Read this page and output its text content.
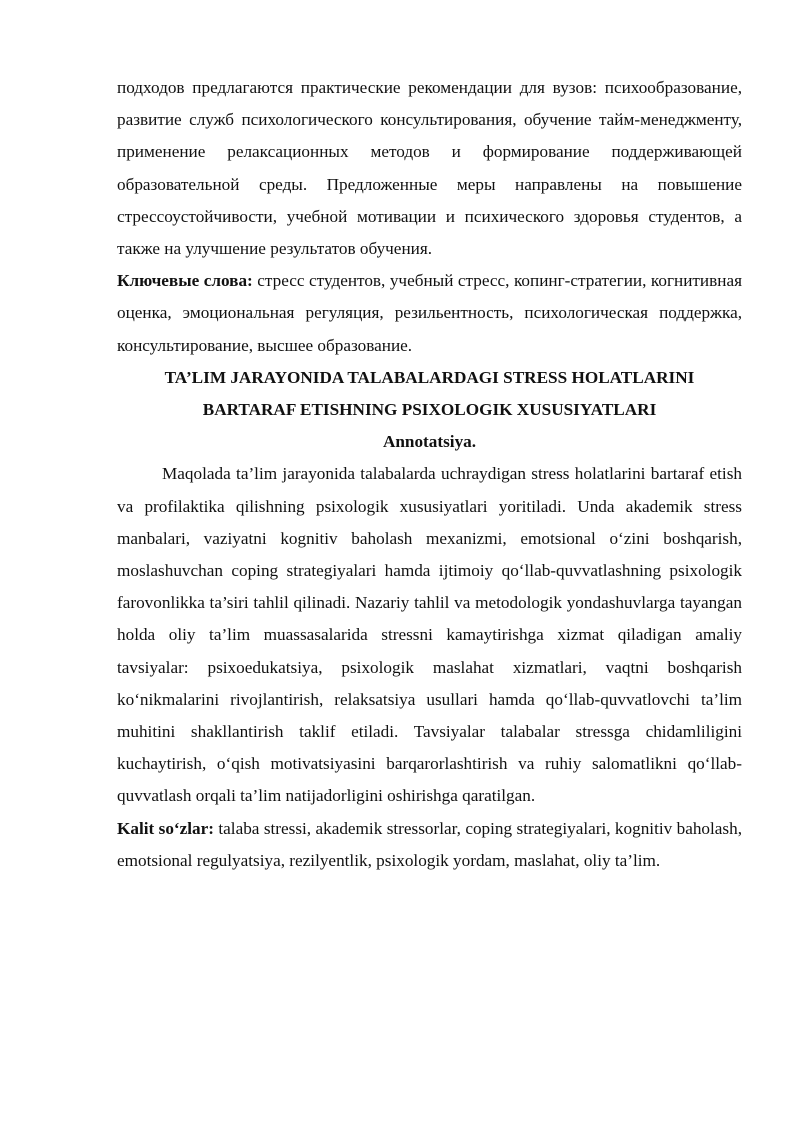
подходов предлагаются практические рекомендации для вузов: психообразование, развитие служб психологического консультирования, обучение тайм-менеджменту, применение релаксационных методов и формирование поддерживающей образовательной среды. Предложенные меры направлены на повышение стрессоустойчивости, учебной мотивации и психического здоровья студентов, а также на улучшение результатов обучения.

Ключевые слова: стресс студентов, учебный стресс, копинг-стратегии, когнитивная оценка, эмоциональная регуляция, резильентность, психологическая поддержка, консультирование, высшее образование.

TA’LIM JARAYONIDA TALABALARDAGI STRESS HOLATLARINI

BARTARAF ETISHNING PSIXOLOGIK XUSUSIYATLARI

Annotatsiya.

Maqolada ta’lim jarayonida talabalarda uchraydigan stress holatlarini bartaraf etish va profilaktika qilishning psixologik xususiyatlari yoritiladi. Unda akademik stress manbalari, vaziyatni kognitiv baholash mexanizmi, emotsional o‘zini boshqarish, moslashuvchan coping strategiyalari hamda ijtimoiy qo‘llab-quvvatlashning psixologik farovonlikka ta’siri tahlil qilinadi. Nazariy tahlil va metodologik yondashuvlarga tayangan holda oliy ta’lim muassasalarida stressni kamaytirishga xizmat qiladigan amaliy tavsiyalar: psixoedukatsiya, psixologik maslahat xizmatlari, vaqtni boshqarish ko‘nikmalarini rivojlantirish, relaksatsiya usullari hamda qo‘llab-quvvatlovchi ta’lim muhitini shakllantirish taklif etiladi. Tavsiyalar talabalar stressga chidamliligini kuchaytirish, o‘qish motivatsiyasini barqarorlashtirish va ruhiy salomatlikni qo‘llab-quvvatlash orqali ta’lim natijadorligini oshirishga qaratilgan.

Kalit so‘zlar: talaba stressi, akademik stressorlar, coping strategiyalari, kognitiv baholash, emotsional regulyatsiya, rezilyentlik, psixologik yordam, maslahat, oliy ta’lim.
